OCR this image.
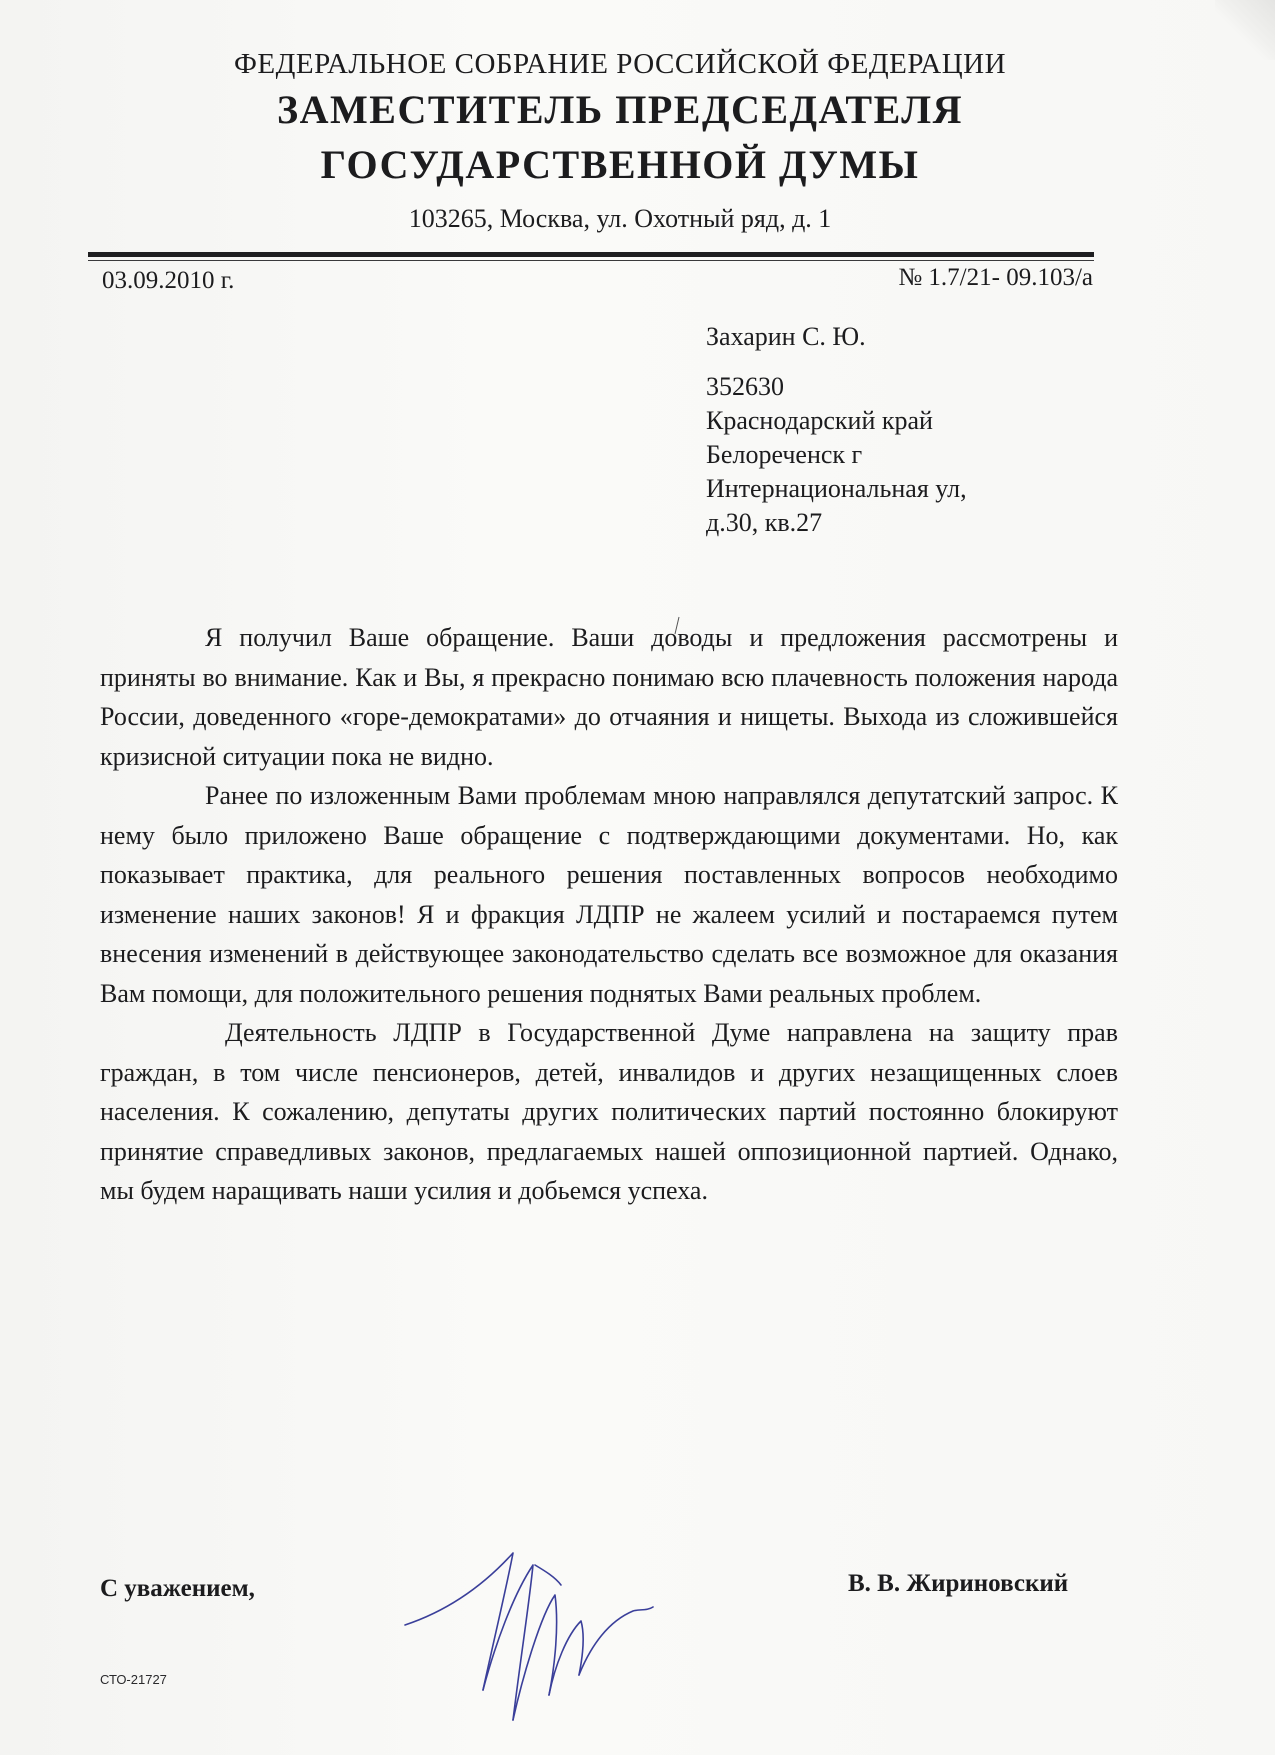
ФЕДЕРАЛЬНОЕ СОБРАНИЕ РОССИЙСКОЙ ФЕДЕРАЦИИ
ЗАМЕСТИТЕЛЬ ПРЕДСЕДАТЕЛЯ
ГОСУДАРСТВЕННОЙ ДУМЫ
103265, Москва, ул. Охотный ряд, д. 1
03.09.2010 г.	№ 1.7/21- 09.103/а
Захарин С. Ю.
352630
Краснодарский край
Белореченск г
Интернациональная ул,
д.30, кв.27

Я получил Ваше обращение. Ваши доводы и предложения рассмотрены и приняты во внимание. Как и Вы, я прекрасно понимаю всю плачевность положения народа России, доведенного «горе-демократами» до отчаяния и нищеты. Выхода из сложившейся кризисной ситуации пока не видно.

Ранее по изложенным Вами проблемам мною направлялся депутатский запрос. К нему было приложено Ваше обращение с подтверждающими документами. Но, как показывает практика, для реального решения поставленных вопросов необходимо изменение наших законов! Я и фракция ЛДПР не жалеем усилий и постараемся путем внесения изменений в действующее законодательство сделать все возможное для оказания Вам помощи, для положительного решения поднятых Вами реальных проблем.

Деятельность ЛДПР в Государственной Думе направлена на защиту прав граждан, в том числе пенсионеров, детей, инвалидов и других незащищенных слоев населения. К сожалению, депутаты других политических партий постоянно блокируют принятие справедливых законов, предлагаемых нашей оппозиционной партией. Однако, мы будем наращивать наши усилия и добьемся успеха.

С уважением,	В. В. Жириновский
СТО-21727
